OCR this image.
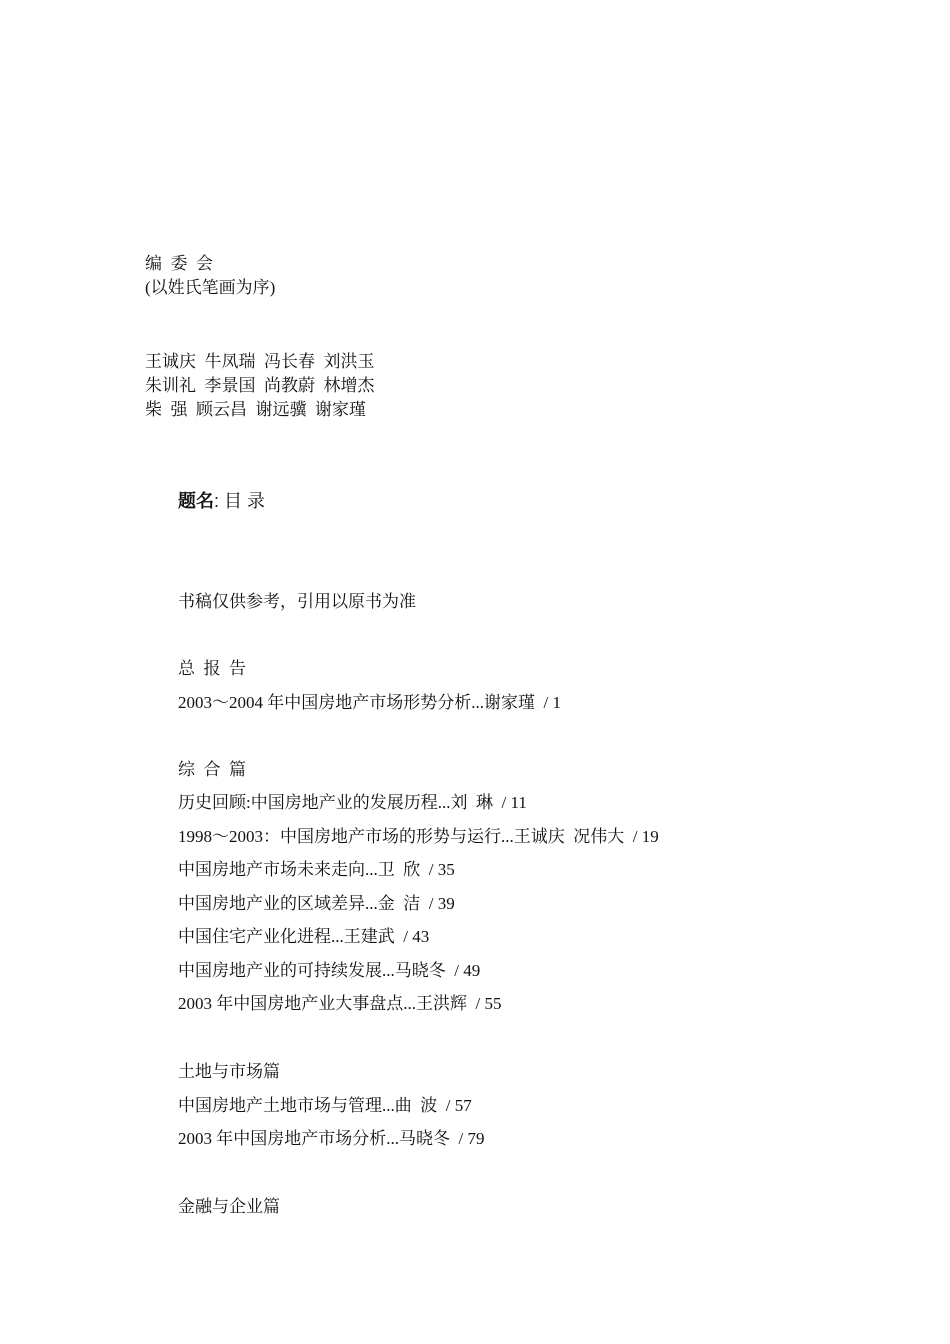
编  委  会
(以姓氏笔画为序)
王诚庆  牛凤瑞  冯长春  刘洪玉
朱训礼  李景国  尚教蔚  林增杰
柴  强  顾云昌  谢远骥  谢家瑾
题名: 目 录
书稿仅供参考，引用以原书为准
总  报  告
2003～2004 年中国房地产市场形势分析...谢家瑾  / 1
综  合  篇
历史回顾:中国房地产业的发展历程...刘  琳  / 11
1998～2003：中国房地产市场的形势与运行...王诚庆  况伟大  / 19
中国房地产市场未来走向...卫  欣  / 35
中国房地产业的区域差异...金  洁  / 39
中国住宅产业化进程...王建武  / 43
中国房地产业的可持续发展...马晓冬  / 49
2003 年中国房地产业大事盘点...王洪辉  / 55
土地与市场篇
中国房地产土地市场与管理...曲  波  / 57
2003 年中国房地产市场分析...马晓冬  / 79
金融与企业篇
